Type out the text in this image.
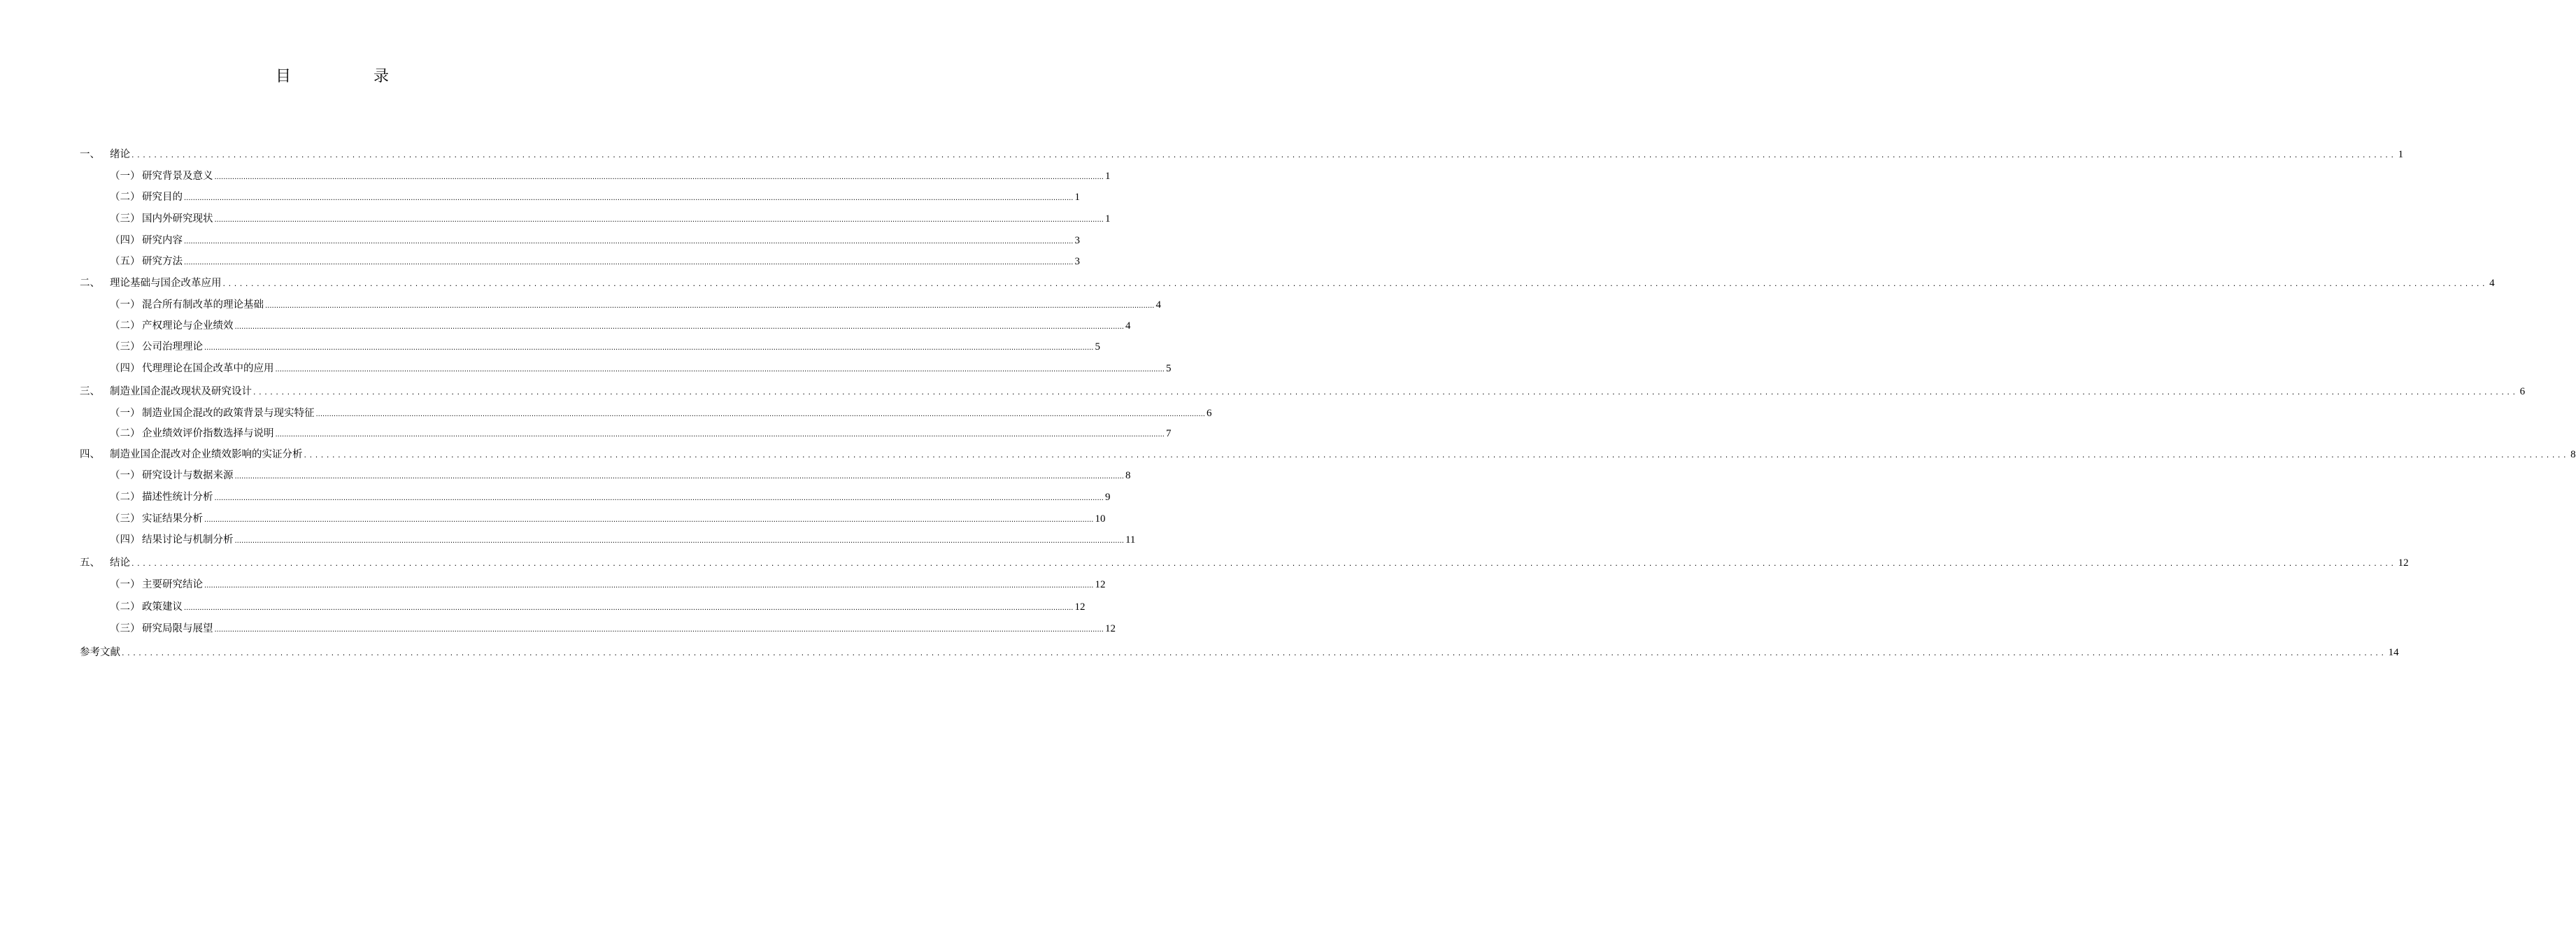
目　录
一、 绪论 ................................................................................................................................................................................................................................................................................................................................................................................................................ 1
（一） 研究背景及意义 ................................................................................................................................................................................................................................................................................................................................................................................................................ 1
（二） 研究目的 ................................................................................................................................................................................................................................................................................................................................................................................................................ 1
（三） 国内外研究现状 ................................................................................................................................................................................................................................................................................................................................................................................................................ 1
（四） 研究内容 ................................................................................................................................................................................................................................................................................................................................................................................................................ 3
（五） 研究方法 ................................................................................................................................................................................................................................................................................................................................................................................................................ 3
二、 理论基础与国企改革应用 ................................................................................................................................................................................................................................................................................................................................................................................................................ 4
（一） 混合所有制改革的理论基础 ................................................................................................................................................................................................................................................................................................................................................................................................................ 4
（二） 产权理论与企业绩效 ................................................................................................................................................................................................................................................................................................................................................................................................................ 4
（三） 公司治理理论 ................................................................................................................................................................................................................................................................................................................................................................................................................ 5
（四） 代理理论在国企改革中的应用 ................................................................................................................................................................................................................................................................................................................................................................................................................ 5
三、 制造业国企混改现状及研究设计 ................................................................................................................................................................................................................................................................................................................................................................................................................ 6
（一） 制造业国企混改的政策背景与现实特征 ................................................................................................................................................................................................................................................................................................................................................................................................................ 6
（二） 企业绩效评价指数选择与说明 ................................................................................................................................................................................................................................................................................................................................................................................................................ 7
四、 制造业国企混改对企业绩效影响的实证分析 ................................................................................................................................................................................................................................................................................................................................................................................................................ 8
（一） 研究设计与数据来源 ................................................................................................................................................................................................................................................................................................................................................................................................................ 8
（二） 描述性统计分析 ................................................................................................................................................................................................................................................................................................................................................................................................................ 9
（三） 实证结果分析 ................................................................................................................................................................................................................................................................................................................................................................................................................ 10
（四） 结果讨论与机制分析 ................................................................................................................................................................................................................................................................................................................................................................................................................ 11
五、 结论 ................................................................................................................................................................................................................................................................................................................................................................................................................ 12
（一） 主要研究结论 ................................................................................................................................................................................................................................................................................................................................................................................................................ 12
（二） 政策建议 ................................................................................................................................................................................................................................................................................................................................................................................................................ 12
（三） 研究局限与展望 ................................................................................................................................................................................................................................................................................................................................................................................................................ 12
参考文献 ................................................................................................................................................................................................................................................................................................................................................................................................................ 14
